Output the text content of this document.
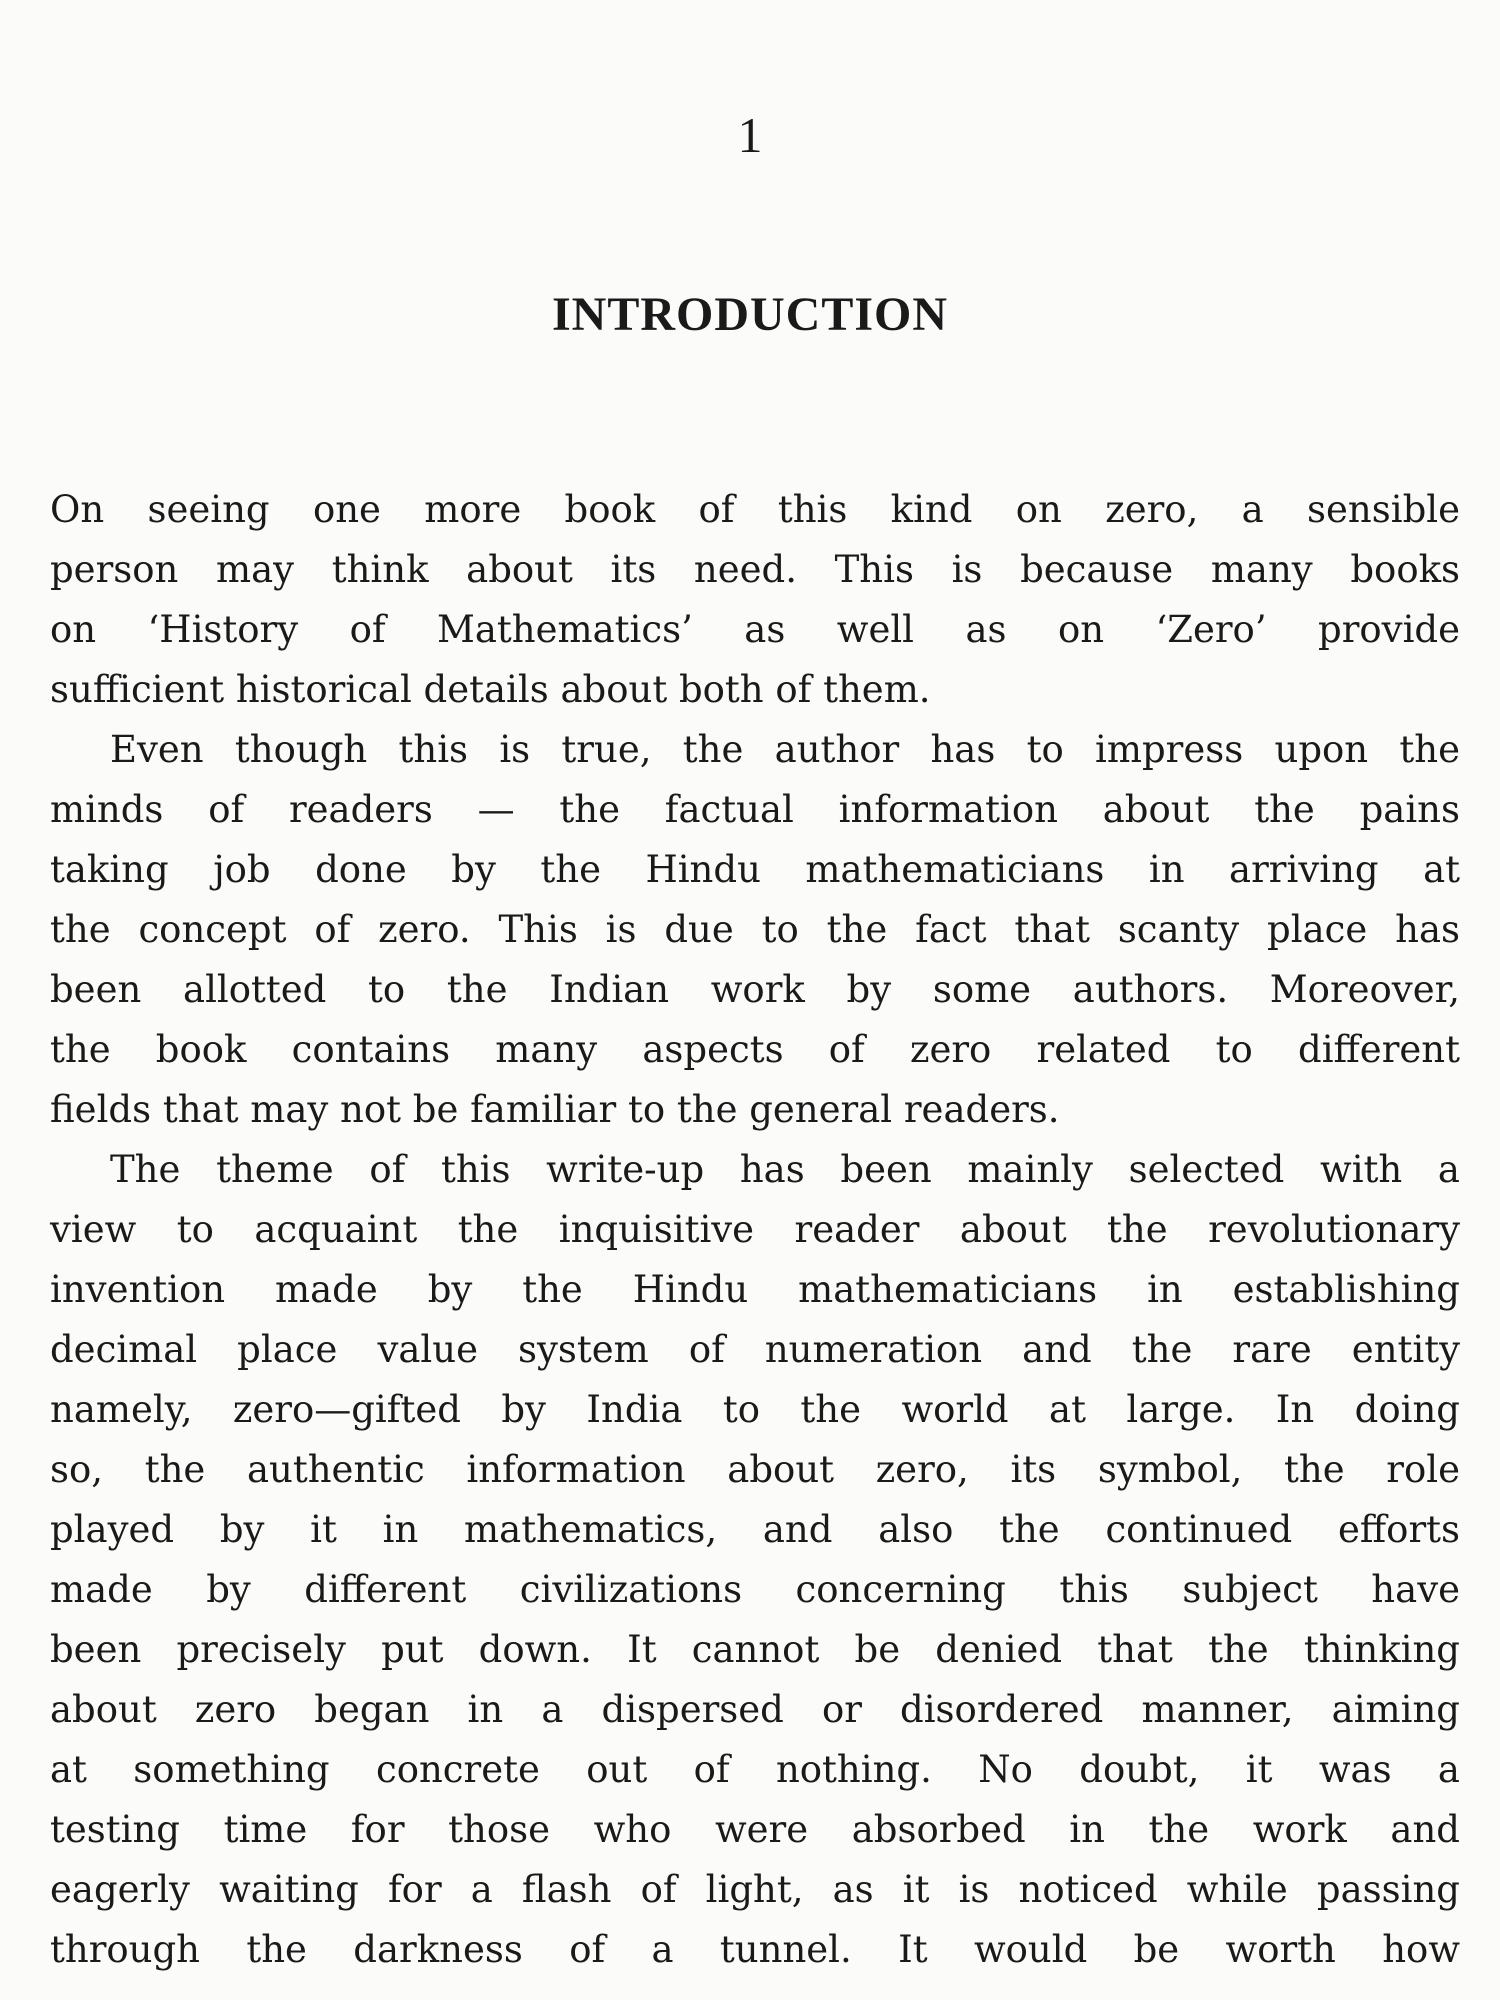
1
INTRODUCTION
On seeing one more book of this kind on zero, a sensible
person may think about its need. This is because many books
on ‘History of Mathematics’ as well as on ‘Zero’ provide
sufficient historical details about both of them.
Even though this is true, the author has to impress upon the
minds of readers — the factual information about the pains
taking job done by the Hindu mathematicians in arriving at
the concept of zero. This is due to the fact that scanty place has
been allotted to the Indian work by some authors. Moreover,
the book contains many aspects of zero related to different
fields that may not be familiar to the general readers.
The theme of this write-up has been mainly selected with a
view to acquaint the inquisitive reader about the revolutionary
invention made by the Hindu mathematicians in establishing
decimal place value system of numeration and the rare entity
namely, zero—gifted by India to the world at large. In doing
so, the authentic information about zero, its symbol, the role
played by it in mathematics, and also the continued efforts
made by different civilizations concerning this subject have
been precisely put down. It cannot be denied that the thinking
about zero began in a dispersed or disordered manner, aiming
at something concrete out of nothing. No doubt, it was a
testing time for those who were absorbed in the work and
eagerly waiting for a flash of light, as it is noticed while passing
through the darkness of a tunnel. It would be worth how
